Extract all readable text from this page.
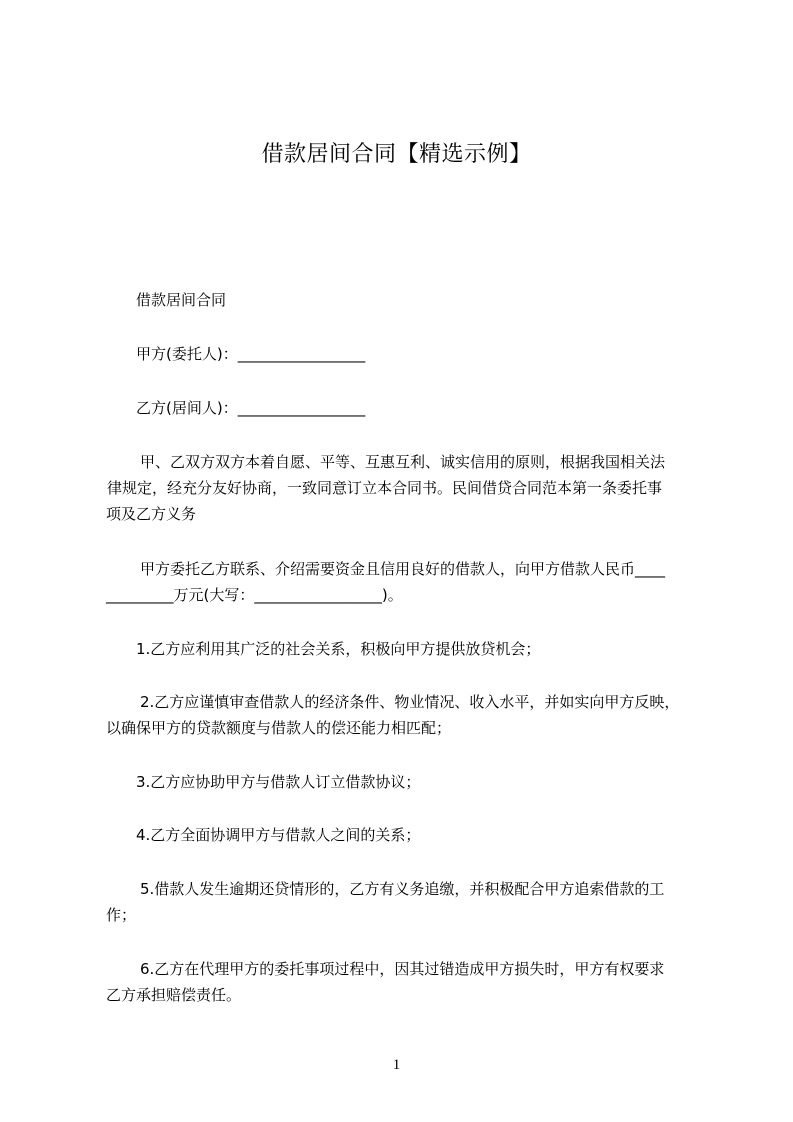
借款居间合同【精选示例】
借款居间合同
甲方(委托人)：_________________
乙方(居间人)：_________________
甲、乙双方双方本着自愿、平等、互惠互利、诚实信用的原则，根据我国相关法
律规定，经充分友好协商，一致同意订立本合同书。民间借贷合同范本第一条委托事
项及乙方义务
甲方委托乙方联系、介绍需要资金且信用良好的借款人，向甲方借款人民币____
_________万元(大写：_________________)。
1.乙方应利用其广泛的社会关系，积极向甲方提供放贷机会；
2.乙方应谨慎审查借款人的经济条件、物业情况、收入水平，并如实向甲方反映，
以确保甲方的贷款额度与借款人的偿还能力相匹配；
3.乙方应协助甲方与借款人订立借款协议；
4.乙方全面协调甲方与借款人之间的关系；
5.借款人发生逾期还贷情形的，乙方有义务追缴，并积极配合甲方追索借款的工
作；
6.乙方在代理甲方的委托事项过程中，因其过错造成甲方损失时，甲方有权要求
乙方承担赔偿责任。
1
